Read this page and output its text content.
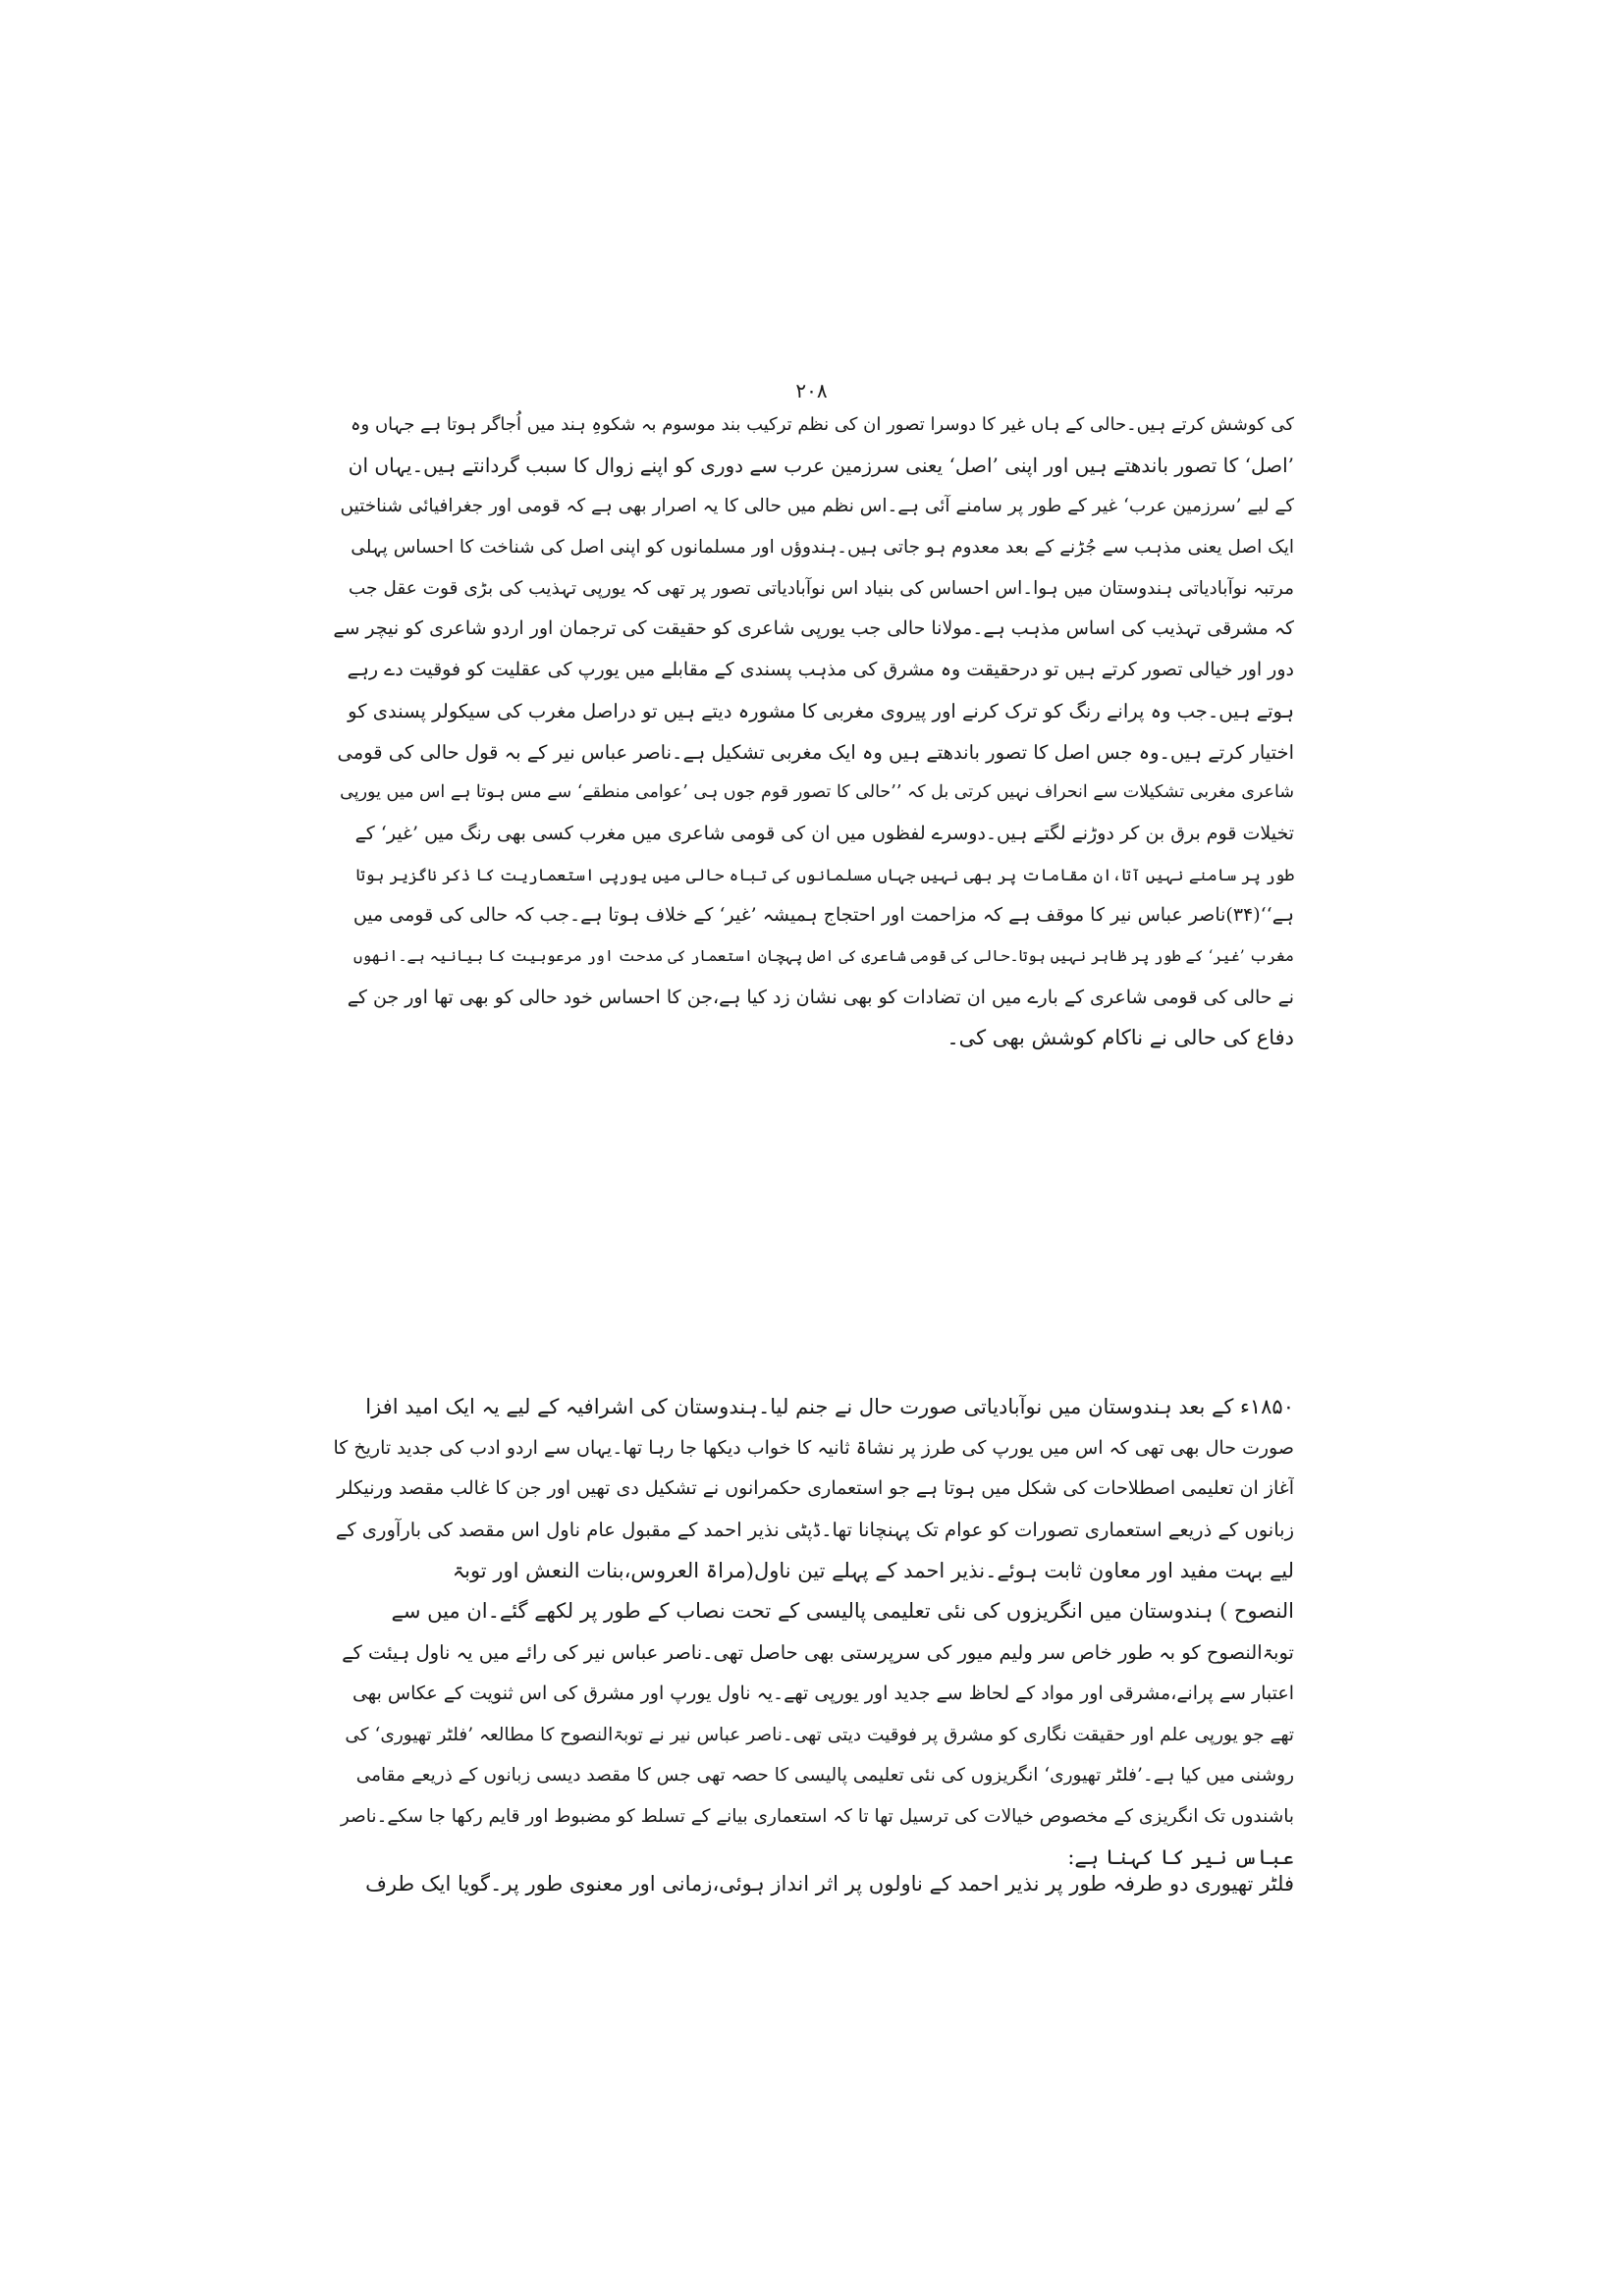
۲۰۸
کی کوشش کرتے ہیں۔حالی کے ہاں غیر کا دوسرا تصور ان کی نظم ترکیب بند موسوم بہ شکوہِ ہند میں اُجاگر ہوتا ہے جہاں وہ
’اصل‘ کا تصور باندھتے ہیں اور اپنی ’اصل‘ یعنی سرزمین عرب سے دوری کو اپنے زوال کا سبب گردانتے ہیں۔یہاں ان
کے لیے ’سرزمین عرب‘ غیر کے طور پر سامنے آئی ہے۔اس نظم میں حالی کا یہ اصرار بھی ہے کہ قومی اور جغرافیائی شناختیں
ایک اصل یعنی مذہب سے جُڑنے کے بعد معدوم ہو جاتی ہیں۔ہندوؤں اور مسلمانوں کو اپنی اصل کی شناخت کا احساس پہلی
مرتبہ نوآبادیاتی ہندوستان میں ہوا۔اس احساس کی بنیاد اس نوآبادیاتی تصور پر تھی کہ یورپی تہذیب کی بڑی قوت عقل جب
کہ مشرقی تہذیب کی اساس مذہب ہے۔مولانا حالی جب یورپی شاعری کو حقیقت کی ترجمان اور اردو شاعری کو نیچر سے
دور اور خیالی تصور کرتے ہیں تو درحقیقت وہ مشرق کی مذہب پسندی کے مقابلے میں یورپ کی عقلیت کو فوقیت دے رہے
ہوتے ہیں۔جب وہ پرانے رنگ کو ترک کرنے اور پیروی مغربی کا مشورہ دیتے ہیں تو دراصل مغرب کی سیکولر پسندی کو
اختیار کرتے ہیں۔وہ جس اصل کا تصور باندھتے ہیں وہ ایک مغربی تشکیل ہے۔ناصر عباس نیر کے بہ قول حالی کی قومی
شاعری مغربی تشکیلات سے انحراف نہیں کرتی بل کہ ’’حالی کا تصور قوم جوں ہی ’عوامی منطقے‘ سے مس ہوتا ہے اس میں یورپی
تخیلات قوم برق بن کر دوڑنے لگتے ہیں۔دوسرے لفظوں میں ان کی قومی شاعری میں مغرب کسی بھی رنگ میں ’غیر‘ کے
طور پر سامنے نہیں آتا،ان مقامات پر بھی نہیں جہاں مسلمانوں کی تباہ حالی میں یورپی استعماریت کا ذکر ناگزیر ہوتا
ہے‘‘(۳۴)ناصر عباس نیر کا موقف ہے کہ مزاحمت اور احتجاج ہمیشہ ’غیر‘ کے خلاف ہوتا ہے۔جب کہ حالی کی قومی میں
مغرب ’غیر‘ کے طور پر ظاہر نہیں ہوتا۔حالی کی قومی شاعری کی اصل پہچان استعمار کی مدحت اور مرعوبیت کا بیانیہ ہے۔انھوں
نے حالی کی قومی شاعری کے بارے میں ان تضادات کو بھی نشان زد کیا ہے،جن کا احساس خود حالی کو بھی تھا اور جن کے
دفاع کی حالی نے ناکام کوشش بھی کی۔
۱۸۵۰ء کے بعد ہندوستان میں نوآبادیاتی صورت حال نے جنم لیا۔ہندوستان کی اشرافیہ کے لیے یہ ایک امید افزا
صورت حال بھی تھی کہ اس میں یورپ کی طرز پر نشاۃ ثانیہ کا خواب دیکھا جا رہا تھا۔یہاں سے اردو ادب کی جدید تاریخ کا
آغاز ان تعلیمی اصطلاحات کی شکل میں ہوتا ہے جو استعماری حکمرانوں نے تشکیل دی تھیں اور جن کا غالب مقصد ورنیکلر
زبانوں کے ذریعے استعماری تصورات کو عوام تک پہنچانا تھا۔ڈپٹی نذیر احمد کے مقبول عام ناول اس مقصد کی بارآوری کے
لیے بہت مفید اور معاون ثابت ہوئے۔نذیر احمد کے پہلے تین ناول(مراۃ العروس،بنات النعش اور توبۃ
النصوح ) ہندوستان میں انگریزوں کی نئی تعلیمی پالیسی کے تحت نصاب کے طور پر لکھے گئے۔ان میں سے
توبۃالنصوح کو بہ طور خاص سر ولیم میور کی سرپرستی بھی حاصل تھی۔ناصر عباس نیر کی رائے میں یہ ناول ہیئت کے
اعتبار سے پرانے،مشرقی اور مواد کے لحاظ سے جدید اور یورپی تھے۔یہ ناول یورپ اور مشرق کی اس ثنویت کے عکاس بھی
تھے جو یورپی علم اور حقیقت نگاری کو مشرق پر فوقیت دیتی تھی۔ناصر عباس نیر نے توبۃالنصوح کا مطالعہ ’فلٹر تھیوری‘ کی
روشنی میں کیا ہے۔’فلٹر تھیوری‘ انگریزوں کی نئی تعلیمی پالیسی کا حصہ تھی جس کا مقصد دیسی زبانوں کے ذریعے مقامی
باشندوں تک انگریزی کے مخصوص خیالات کی ترسیل تھا تا کہ استعماری بیانے کے تسلط کو مضبوط اور قایم رکھا جا سکے۔ناصر
عباس نیر کا کہنا ہے:
فلٹر تھیوری دو طرفہ طور پر نذیر احمد کے ناولوں پر اثر انداز ہوئی،زمانی اور معنوی طور پر۔گویا ایک طرف
